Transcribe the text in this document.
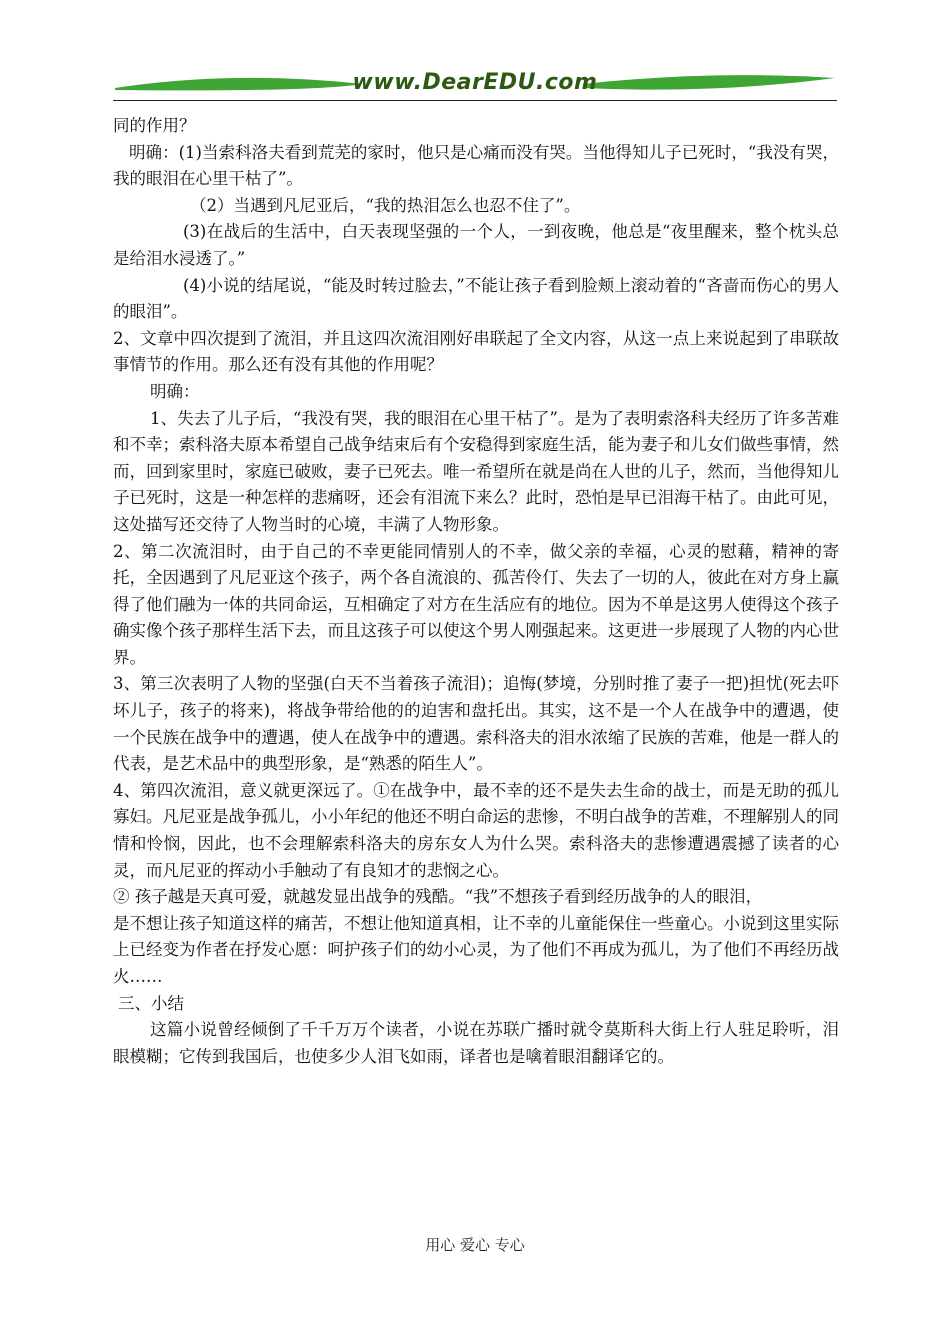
www.DearEDU.com

同的作用？

明确：(1)当索科洛夫看到荒芜的家时，他只是心痛而没有哭。当他得知儿子已死时，“我没有哭，我的眼泪在心里干枯了”。

（2）当遇到凡尼亚后，“我的热泪怎么也忍不住了”。

(3)在战后的生活中，白天表现坚强的一个人，一到夜晚，他总是“夜里醒来，整个枕头总是给泪水浸透了。”

(4)小说的结尾说，“能及时转过脸去，”不能让孩子看到脸颊上滚动着的“吝啬而伤心的男人的眼泪”。

2、文章中四次提到了流泪，并且这四次流泪刚好串联起了全文内容，从这一点上来说起到了串联故事情节的作用。那么还有没有其他的作用呢？

明确：

1、失去了儿子后，“我没有哭，我的眼泪在心里干枯了”。是为了表明索洛科夫经历了许多苦难和不幸；索科洛夫原本希望自己战争结束后有个安稳得到家庭生活，能为妻子和儿女们做些事情，然而，回到家里时，家庭已破败，妻子已死去。唯一希望所在就是尚在人世的儿子，然而，当他得知儿子已死时，这是一种怎样的悲痛呀，还会有泪流下来么？此时，恐怕是早已泪海干枯了。由此可见，这处描写还交待了人物当时的心境，丰满了人物形象。

2、第二次流泪时，由于自己的不幸更能同情别人的不幸，做父亲的幸福，心灵的慰藉，精神的寄托，全因遇到了凡尼亚这个孩子，两个各自流浪的、孤苦伶仃、失去了一切的人，彼此在对方身上赢得了他们融为一体的共同命运，互相确定了对方在生活应有的地位。因为不单是这男人使得这个孩子确实像个孩子那样生活下去，而且这孩子可以使这个男人刚强起来。这更进一步展现了人物的内心世界。

3、第三次表明了人物的坚强(白天不当着孩子流泪)；追悔(梦境，分别时推了妻子一把)担忧(死去吓坏儿子，孩子的将来)，将战争带给他的的迫害和盘托出。其实，这不是一个人在战争中的遭遇，使一个民族在战争中的遭遇，使人在战争中的遭遇。索科洛夫的泪水浓缩了民族的苦难，他是一群人的代表，是艺术品中的典型形象，是“熟悉的陌生人”。

4、第四次流泪，意义就更深远了。①在战争中，最不幸的还不是失去生命的战士，而是无助的孤儿寡妇。凡尼亚是战争孤儿，小小年纪的他还不明白命运的悲惨，不明白战争的苦难，不理解别人的同情和怜悯，因此，也不会理解索科洛夫的房东女人为什么哭。索科洛夫的悲惨遭遇震撼了读者的心灵，而凡尼亚的挥动小手触动了有良知才的悲悯之心。

② 孩子越是天真可爱，就越发显出战争的残酷。“我”不想孩子看到经历战争的人的眼泪，

是不想让孩子知道这样的痛苦，不想让他知道真相，让不幸的儿童能保住一些童心。小说到这里实际上已经变为作者在抒发心愿：呵护孩子们的幼小心灵，为了他们不再成为孤儿，为了他们不再经历战火……

三、小结

这篇小说曾经倾倒了千千万万个读者，小说在苏联广播时就令莫斯科大街上行人驻足聆听，泪眼模糊；它传到我国后，也使多少人泪飞如雨，译者也是噙着眼泪翻译它的。

用心 爱心 专心
